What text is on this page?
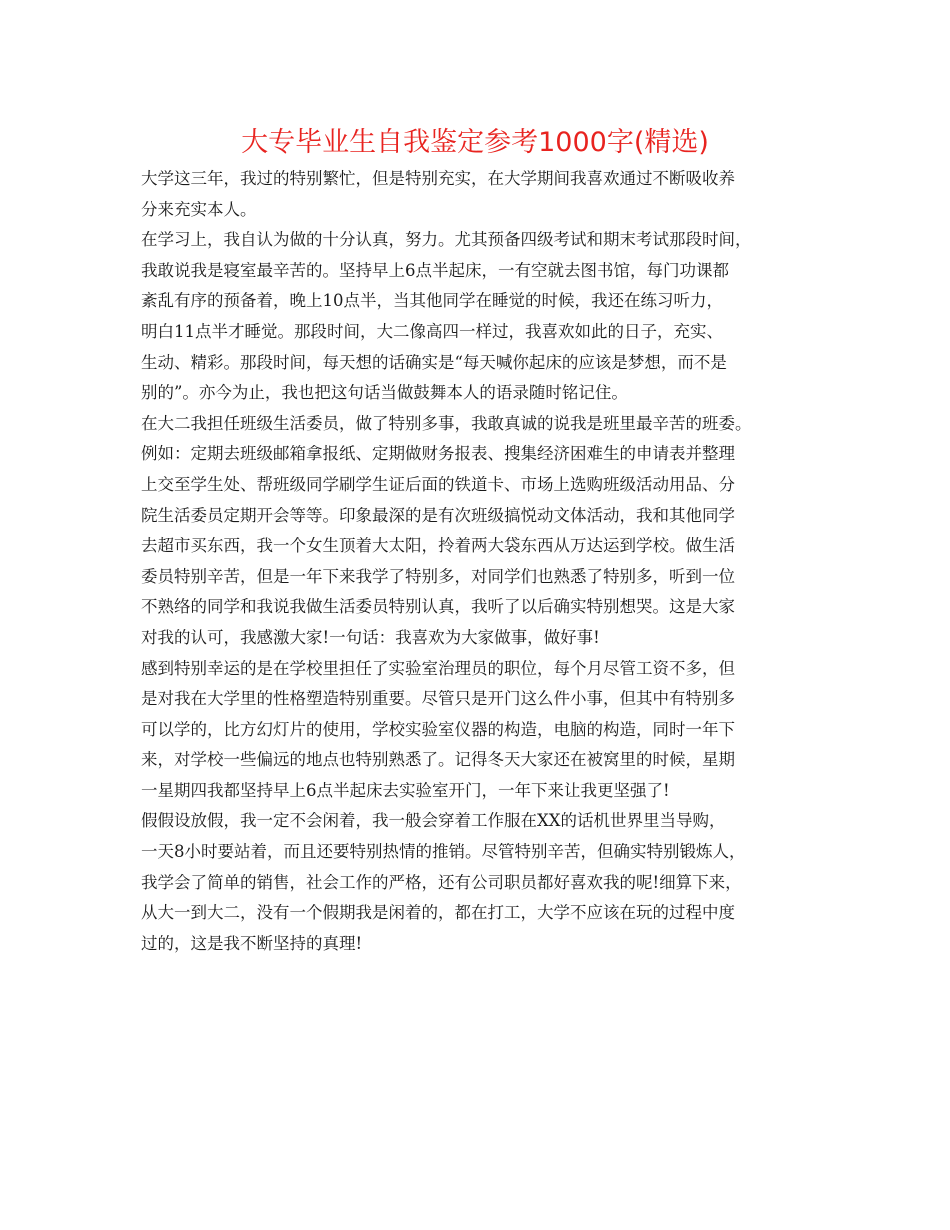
大专毕业生自我鉴定参考1000字(精选)
大学这三年，我过的特别繁忙，但是特别充实，在大学期间我喜欢通过不断吸收养
分来充实本人。
在学习上，我自认为做的十分认真，努力。尤其预备四级考试和期末考试那段时间，
我敢说我是寝室最辛苦的。坚持早上6点半起床，一有空就去图书馆，每门功课都
紊乱有序的预备着，晚上10点半，当其他同学在睡觉的时候，我还在练习听力，
明白11点半才睡觉。那段时间，大二像高四一样过，我喜欢如此的日子，充实、
生动、精彩。那段时间，每天想的话确实是“每天喊你起床的应该是梦想，而不是
别的”。亦今为止，我也把这句话当做鼓舞本人的语录随时铭记住。
在大二我担任班级生活委员，做了特别多事，我敢真诚的说我是班里最辛苦的班委。
例如：定期去班级邮箱拿报纸、定期做财务报表、搜集经济困难生的申请表并整理
上交至学生处、帮班级同学刷学生证后面的铁道卡、市场上选购班级活动用品、分
院生活委员定期开会等等。印象最深的是有次班级搞悦动文体活动，我和其他同学
去超市买东西，我一个女生顶着大太阳，拎着两大袋东西从万达运到学校。做生活
委员特别辛苦，但是一年下来我学了特别多，对同学们也熟悉了特别多，听到一位
不熟络的同学和我说我做生活委员特别认真，我听了以后确实特别想哭。这是大家
对我的认可，我感激大家!一句话：我喜欢为大家做事，做好事!
感到特别幸运的是在学校里担任了实验室治理员的职位，每个月尽管工资不多，但
是对我在大学里的性格塑造特别重要。尽管只是开门这么件小事，但其中有特别多
可以学的，比方幻灯片的使用，学校实验室仪器的构造，电脑的构造，同时一年下
来，对学校一些偏远的地点也特别熟悉了。记得冬天大家还在被窝里的时候，星期
一星期四我都坚持早上6点半起床去实验室开门，一年下来让我更坚强了!
假假设放假，我一定不会闲着，我一般会穿着工作服在XX的话机世界里当导购，
一天8小时要站着，而且还要特别热情的推销。尽管特别辛苦，但确实特别锻炼人，
我学会了简单的销售，社会工作的严格，还有公司职员都好喜欢我的呢!细算下来，
从大一到大二，没有一个假期我是闲着的，都在打工，大学不应该在玩的过程中度
过的，这是我不断坚持的真理!
